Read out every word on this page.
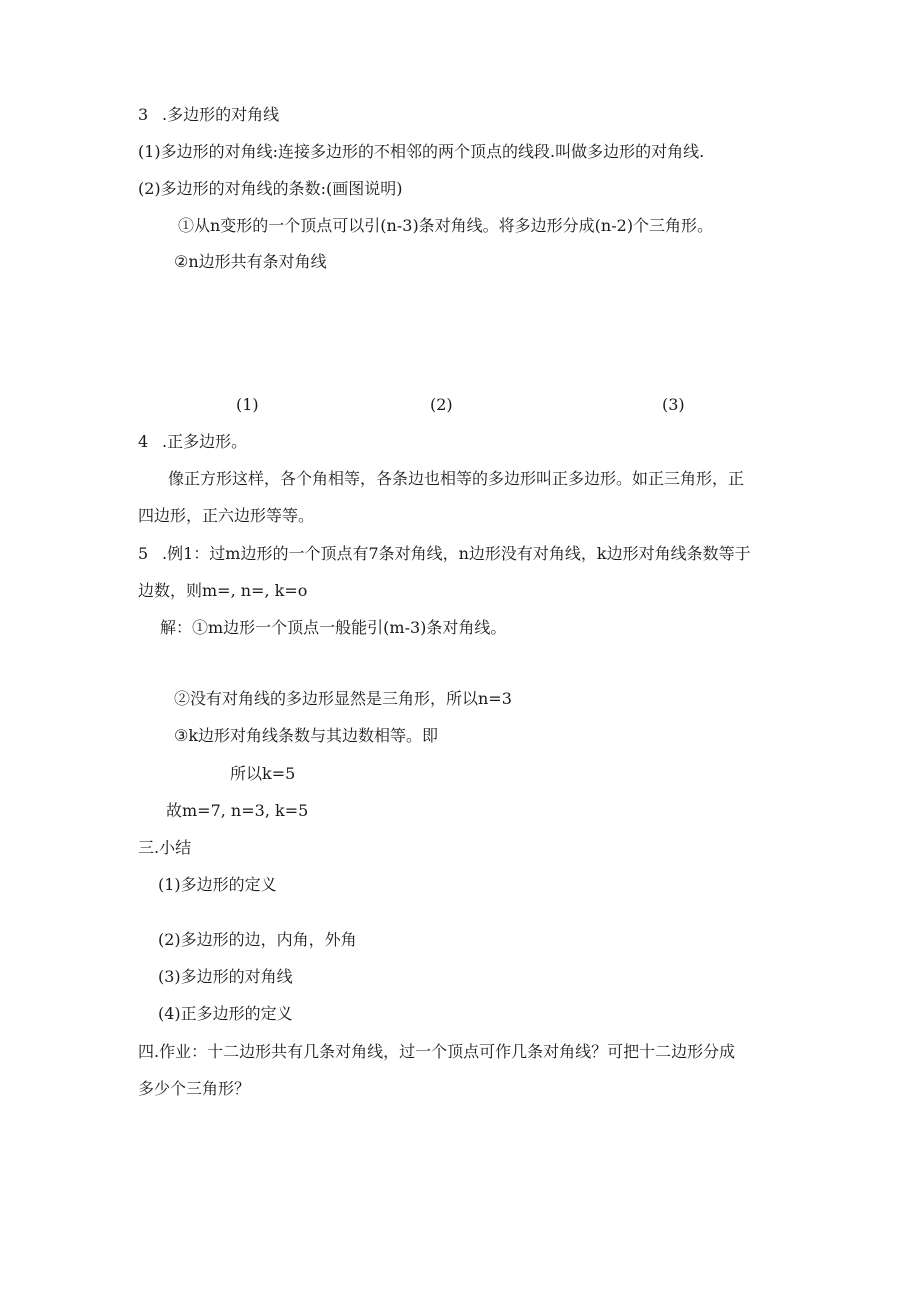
3 .多边形的对角线
(1)多边形的对角线:连接多边形的不相邻的两个顶点的线段.叫做多边形的对角线.
(2)多边形的对角线的条数:(画图说明)
①从n变形的一个顶点可以引(n-3)条对角线。将多边形分成(n-2)个三角形。
②n边形共有条对角线
(1)	(2)	(3)
4 .正多边形。
像正方形这样，各个角相等，各条边也相等的多边形叫正多边形。如正三角形，正
四边形，正六边形等等。
5 .例1：过m边形的一个顶点有7条对角线，n边形没有对角线，k边形对角线条数等于
边数，则m=, n=, k=o
解：①m边形一个顶点一般能引(m-3)条对角线。
②没有对角线的多边形显然是三角形，所以n=3
③k边形对角线条数与其边数相等。即
所以k=5
故m=7, n=3, k=5
三.小结
(1)多边形的定义
(2)多边形的边，内角，外角
(3)多边形的对角线
(4)正多边形的定义
四.作业：十二边形共有几条对角线，过一个顶点可作几条对角线？可把十二边形分成
多少个三角形？
